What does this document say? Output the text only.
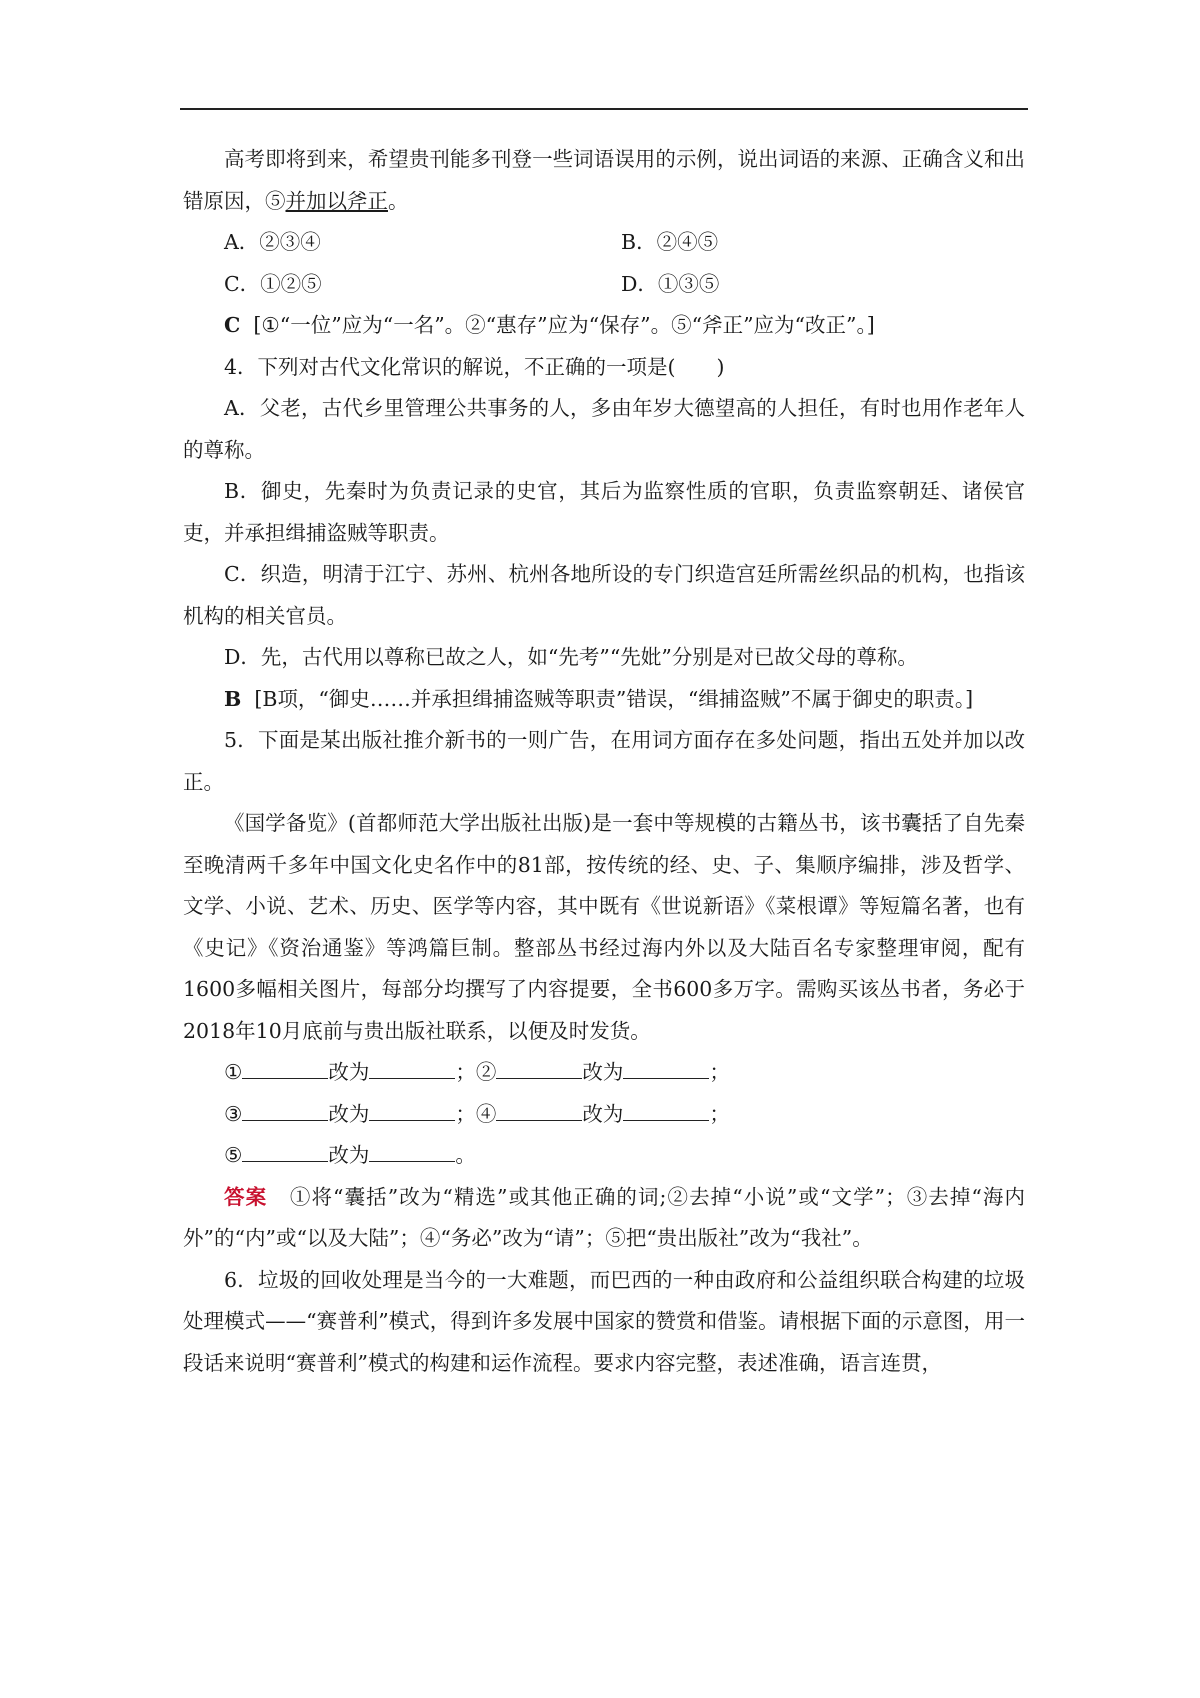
高考即将到来，希望贵刊能多刊登一些词语误用的示例，说出词语的来源、正确含义和出错原因，⑤并加以斧正。

A．②③④	B．②④⑤
C．①②⑤	D．①③⑤

C [①“一位”应为“一名”。②“惠存”应为“保存”。⑤“斧正”应为“改正”。]

4．下列对古代文化常识的解说，不正确的一项是(　　)

A．父老，古代乡里管理公共事务的人，多由年岁大德望高的人担任，有时也用作老年人的尊称。

B．御史，先秦时为负责记录的史官，其后为监察性质的官职，负责监察朝廷、诸侯官吏，并承担缉捕盗贼等职责。

C．织造，明清于江宁、苏州、杭州各地所设的专门织造宫廷所需丝织品的机构，也指该机构的相关官员。

D．先，古代用以尊称已故之人，如“先考”“先妣”分别是对已故父母的尊称。

B [B项，“御史……并承担缉捕盗贼等职责”错误，“缉捕盗贼”不属于御史的职责。]

5．下面是某出版社推介新书的一则广告，在用词方面存在多处问题，指出五处并加以改正。

《国学备览》(首都师范大学出版社出版)是一套中等规模的古籍丛书，该书囊括了自先秦至晚清两千多年中国文化史名作中的81部，按传统的经、史、子、集顺序编排，涉及哲学、文学、小说、艺术、历史、医学等内容，其中既有《世说新语》《菜根谭》等短篇名著，也有《史记》《资治通鉴》等鸿篇巨制。整部丛书经过海内外以及大陆百名专家整理审阅，配有1600多幅相关图片，每部分均撰写了内容提要，全书600多万字。需购买该丛书者，务必于2018年10月底前与贵出版社联系，以便及时发货。

①	改为	；②	改为	；

③	改为	；④	改为	；

⑤	改为	。

答案 ①将“囊括”改为“精选”或其他正确的词;②去掉“小说”或“文学”；③去掉“海内外”的“内”或“以及大陆”；④“务必”改为“请”；⑤把“贵出版社”改为“我社”。

6．垃圾的回收处理是当今的一大难题，而巴西的一种由政府和公益组织联合构建的垃圾处理模式——“赛普利”模式，得到许多发展中国家的赞赏和借鉴。请根据下面的示意图，用一段话来说明“赛普利”模式的构建和运作流程。要求内容完整，表述准确，语言连贯，
